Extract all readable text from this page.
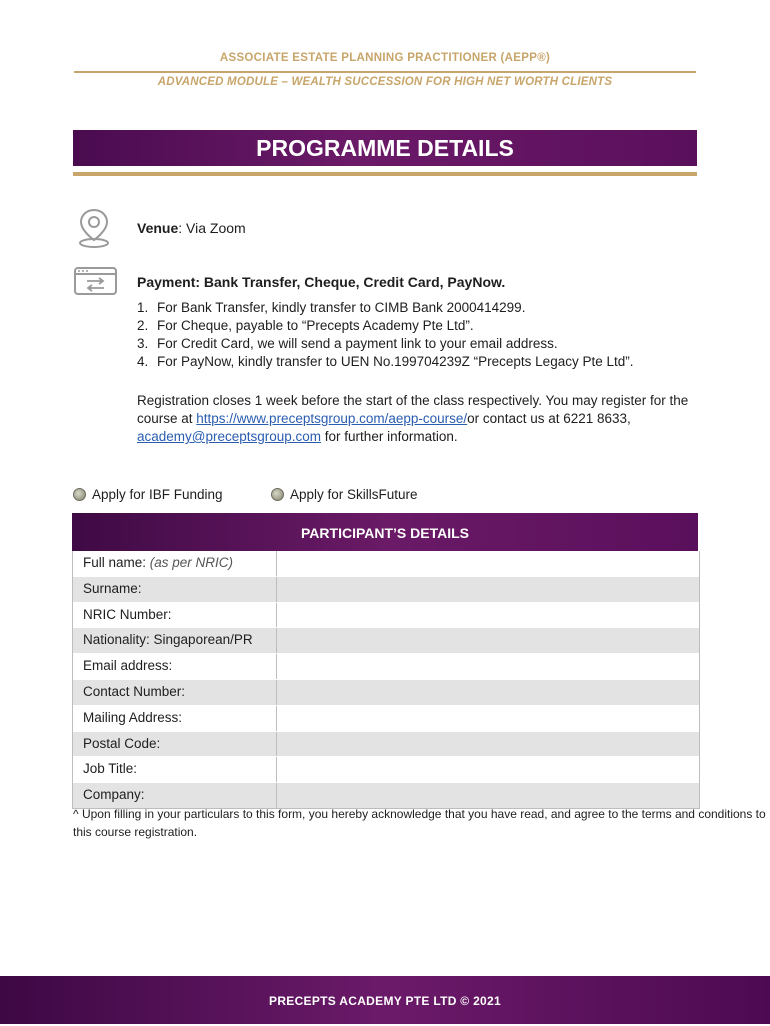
ASSOCIATE ESTATE PLANNING PRACTITIONER (AEPP®)
ADVANCED MODULE – WEALTH SUCCESSION FOR HIGH NET WORTH CLIENTS
PROGRAMME DETAILS
Venue: Via Zoom
Payment: Bank Transfer, Cheque, Credit Card, PayNow.
1. For Bank Transfer, kindly transfer to CIMB Bank 2000414299.
2. For Cheque, payable to “Precepts Academy Pte Ltd”.
3. For Credit Card, we will send a payment link to your email address.
4. For PayNow, kindly transfer to UEN No.199704239Z “Precepts Legacy Pte Ltd”.
Registration closes 1 week before the start of the class respectively. You may register for the course at https://www.preceptsgroup.com/aepp-course/or contact us at 6221 8633, academy@preceptsgroup.com for further information.
Apply for IBF Funding	Apply for SkillsFuture
PARTICIPANT’S DETAILS
Full name: (as per NRIC)
Surname:
NRIC Number:
Nationality: Singaporean/PR
Email address:
Contact Number:
Mailing Address:
Postal Code:
Job Title:
Company:
^ Upon filling in your particulars to this form, you hereby acknowledge that you have read, and agree to the terms and conditions to this course registration.
PRECEPTS ACADEMY PTE LTD © 2021
